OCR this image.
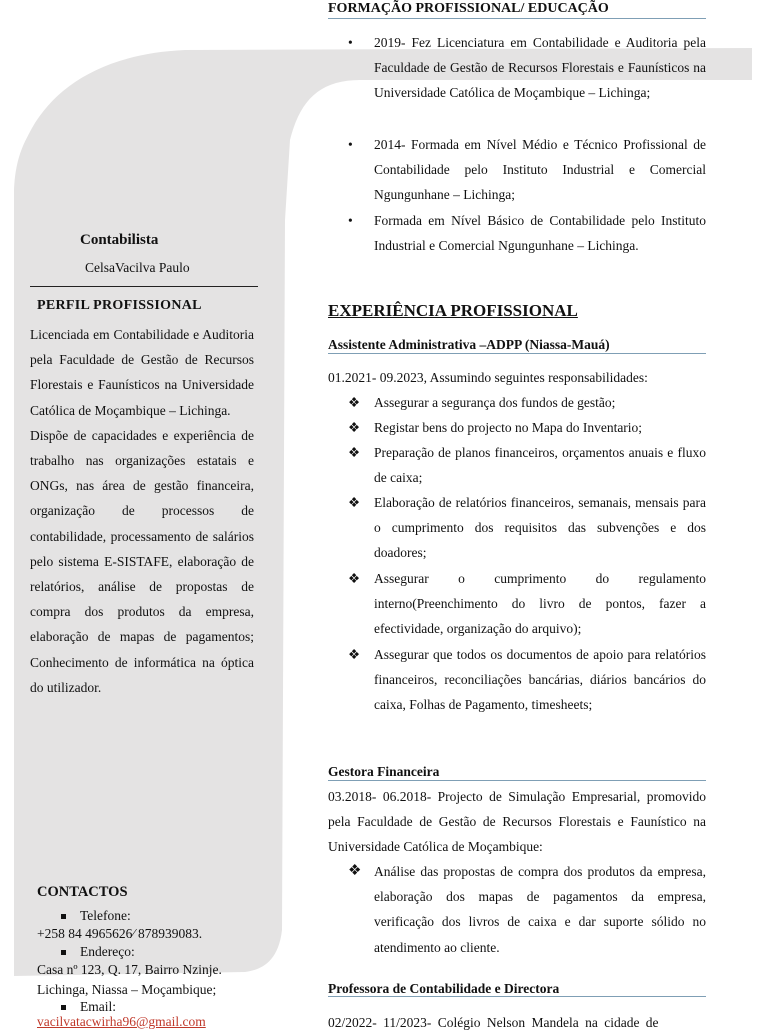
Contabilista
CelsaVacilva Paulo
PERFIL PROFISSIONAL

Licenciada em Contabilidade e Auditoria pela Faculdade de Gestão de Recursos Florestais e Faunísticos na Universidade Católica de Moçambique – Lichinga.

Dispõe de capacidades e experiência de trabalho nas organizações estatais e ONGs, nas área de gestão financeira, organização de processos de contabilidade, processamento de salários pelo sistema E-SISTAFE, elaboração de relatórios, análise de propostas de compra dos produtos da empresa, elaboração de mapas de pagamentos; Conhecimento de informática na óptica do utilizador.

CONTACTOS
Telefone:
+258 84 4965626⁄ 878939083.
Endereço:
Casa nº 123, Q. 17, Bairro Nzinje.
Lichinga, Niassa – Moçambique;
Email:
vacilvatacwirha96@gmail.com
FORMAÇÃO PROFISSIONAL/ EDUCAÇÃO
• 2019- Fez Licenciatura em Contabilidade e Auditoria pela Faculdade de Gestão de Recursos Florestais e Faunísticos na Universidade Católica de Moçambique – Lichinga;
• 2014- Formada em Nível Médio e Técnico Profissional de Contabilidade pelo Instituto Industrial e Comercial Ngungunhane – Lichinga;
• Formada em Nível Básico de Contabilidade pelo Instituto Industrial e Comercial Ngungunhane – Lichinga.
EXPERIÊNCIA PROFISSIONAL
Assistente Administrativa –ADPP (Niassa-Mauá)
01.2021- 09.2023, Assumindo seguintes responsabilidades:
❖ Assegurar a segurança dos fundos de gestão;
❖ Registar bens do projecto no Mapa do Inventario;
❖ Preparação de planos financeiros, orçamentos anuais e fluxo de caixa;
❖ Elaboração de relatórios financeiros, semanais, mensais para o cumprimento dos requisitos das subvenções e dos doadores;
❖ Assegurar o cumprimento do regulamento interno(Preenchimento do livro de pontos, fazer a efectividade, organização do arquivo);
❖ Assegurar que todos os documentos de apoio para relatórios financeiros, reconciliações bancárias, diários bancários do caixa, Folhas de Pagamento, timesheets;
Gestora Financeira
03.2018- 06.2018- Projecto de Simulação Empresarial, promovido pela Faculdade de Gestão de Recursos Florestais e Faunístico na Universidade Católica de Moçambique:
❖ Análise das propostas de compra dos produtos da empresa, elaboração dos mapas de pagamentos da empresa, verificação dos livros de caixa e dar suporte sólido no atendimento ao cliente.
Professora de Contabilidade e Directora
02/2022- 11/2023- Colégio Nelson Mandela na cidade de
